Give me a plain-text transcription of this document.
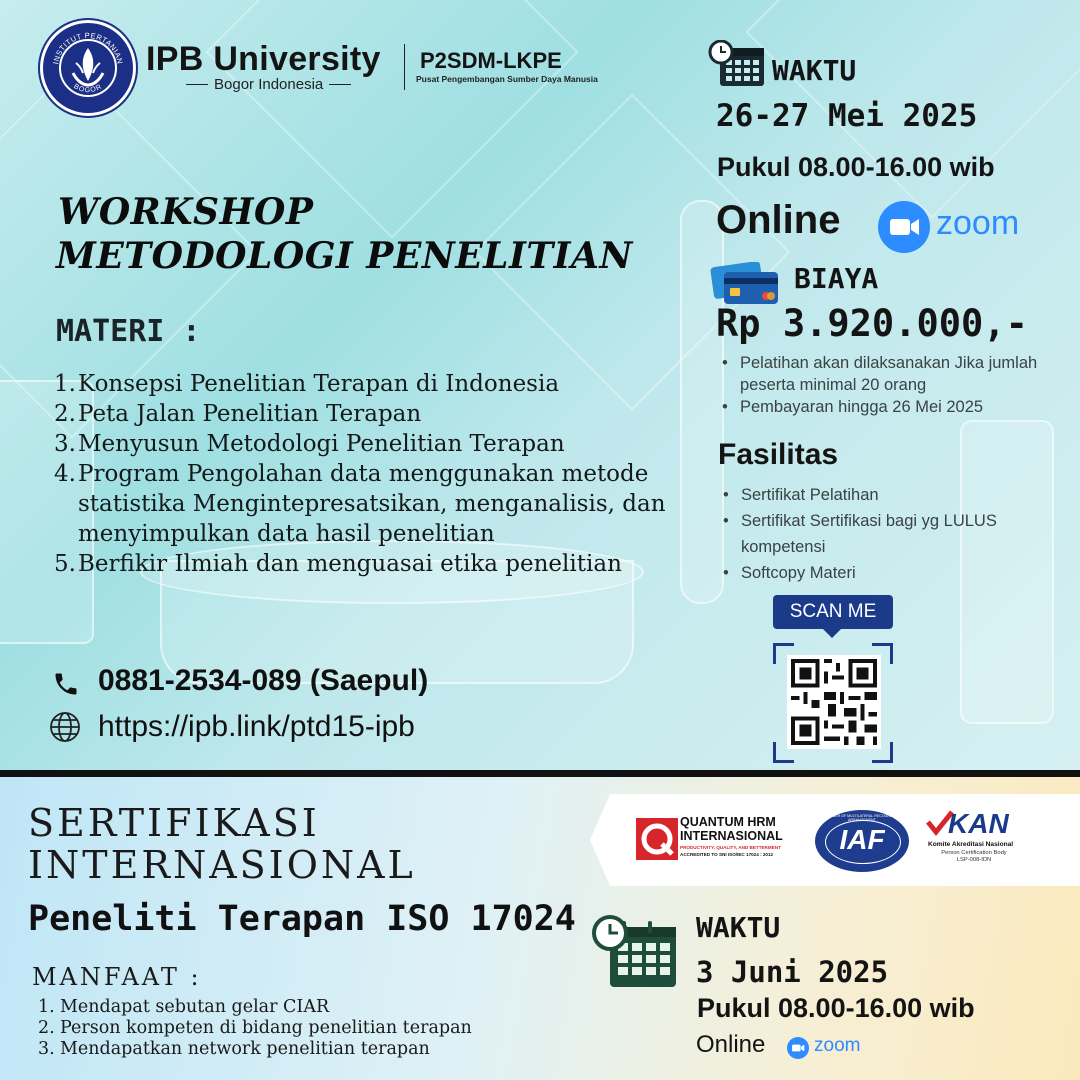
INSTITUT PERTANIAN
BOGOR
IPB University
Bogor Indonesia
P2SDM-LKPE
Pusat Pengembangan Sumber Daya Manusia
WORKSHOP
METODOLOGI PENELITIAN
MATERI :
1. Konsepsi Penelitian Terapan di Indonesia
2. Peta Jalan Penelitian Terapan
3. Menyusun Metodologi Penelitian Terapan
4. Program Pengolahan data menggunakan metode statistika Mengintepresatsikan, menganalisis, dan menyimpulkan data hasil penelitian
5. Berfikir Ilmiah dan menguasai etika penelitian
0881-2534-089 (Saepul)
https://ipb.link/ptd15-ipb
WAKTU
26-27 Mei 2025
Pukul 08.00-16.00 wib
Online	zoom
BIAYA
Rp 3.920.000,-
• Pelatihan akan dilaksanakan Jika jumlah peserta minimal 20 orang
• Pembayaran hingga 26 Mei 2025
Fasilitas
• Sertifikat Pelatihan
• Sertifikat Sertifikasi bagi yg LULUS kompetensi
• Softcopy Materi
SCAN ME
SERTIFIKASI
INTERNASIONAL
Peneliti Terapan ISO 17024
MANFAAT :
1. Mendapat sebutan gelar CIAR
2. Person kompeten di bidang penelitian terapan
3. Mendapatkan network penelitian terapan
QUANTUM HRM
INTERNASIONAL
PRODUCTIVITY, QUALITY, AND BETTERMENT
ACCREDITED TO SNI ISO/IEC 17024 : 2012	IAF
MEMBER OF MULTILATERAL RECOGNITION ARRANGEMENT	KAN
Komite Akreditasi Nasional
Person Certification Body
LSP-008-IDN
WAKTU
3 Juni 2025
Pukul 08.00-16.00 wib
Online	zoom
